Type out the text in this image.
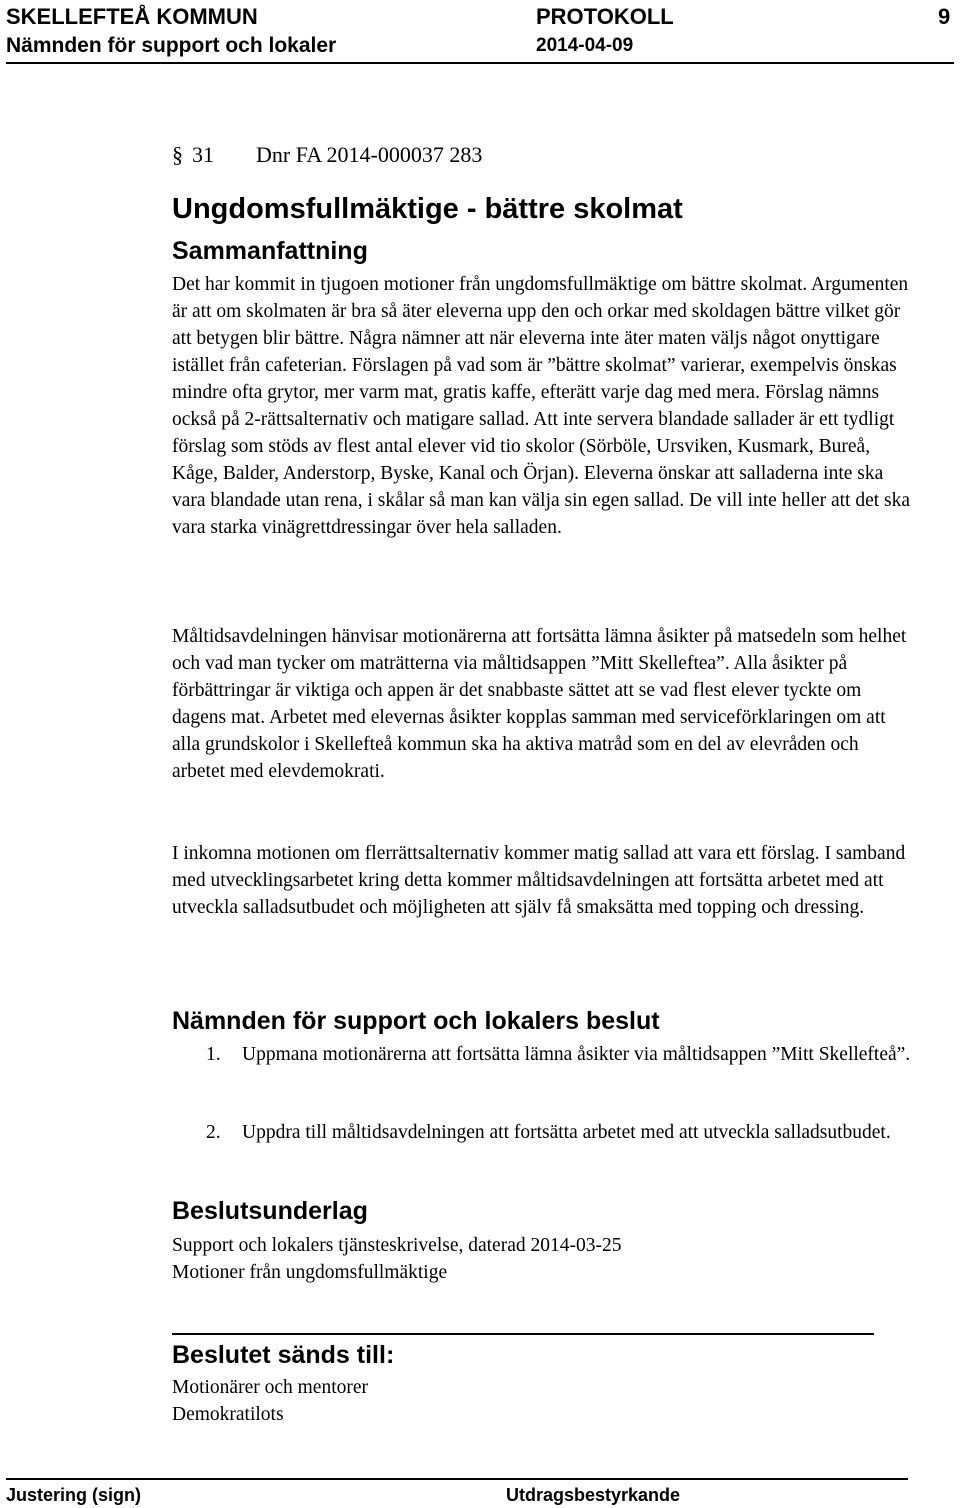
SKELLEFTEÅ KOMMUN	PROTOKOLL	9
Nämnden för support och lokaler	2014-04-09
§ 31 Dnr FA 2014-000037 283
Ungdomsfullmäktige - bättre skolmat
Sammanfattning

Det har kommit in tjugoen motioner från ungdomsfullmäktige om bättre skolmat. Argumenten är att om skolmaten är bra så äter eleverna upp den och orkar med skoldagen bättre vilket gör att betygen blir bättre. Några nämner att när eleverna inte äter maten väljs något onyttigare istället från cafeterian. Förslagen på vad som är ”bättre skolmat” varierar, exempelvis önskas mindre ofta grytor, mer varm mat, gratis kaffe, efterätt varje dag med mera. Förslag nämns också på 2-rättsalternativ och matigare sallad. Att inte servera blandade sallader är ett tydligt förslag som stöds av flest antal elever vid tio skolor (Sörböle, Ursviken, Kusmark, Bureå, Kåge, Balder, Anderstorp, Byske, Kanal och Örjan). Eleverna önskar att salladerna inte ska vara blandade utan rena, i skålar så man kan välja sin egen sallad. De vill inte heller att det ska vara starka vinägrettdressingar över hela salladen.

Måltidsavdelningen hänvisar motionärerna att fortsätta lämna åsikter på matsedeln som helhet och vad man tycker om maträtterna via måltidsappen ”Mitt Skelleftea”. Alla åsikter på förbättringar är viktiga och appen är det snabbaste sättet att se vad flest elever tyckte om dagens mat. Arbetet med elevernas åsikter kopplas samman med serviceförklaringen om att alla grundskolor i Skellefteå kommun ska ha aktiva matråd som en del av elevråden och arbetet med elevdemokrati.

I inkomna motionen om flerrättsalternativ kommer matig sallad att vara ett förslag. I samband med utvecklingsarbetet kring detta kommer måltidsavdelningen att fortsätta arbetet med att utveckla salladsutbudet och möjligheten att själv få smaksätta med topping och dressing.

Nämnden för support och lokalers beslut
1. Uppmana motionärerna att fortsätta lämna åsikter via måltidsappen ”Mitt Skellefteå”.
2. Uppdra till måltidsavdelningen att fortsätta arbetet med att utveckla salladsutbudet.
Beslutsunderlag
Support och lokalers tjänsteskrivelse, daterad 2014-03-25
Motioner från ungdomsfullmäktige
Beslutet sänds till:
Motionärer och mentorer
Demokratilots
Justering (sign)	Utdragsbestyrkande
